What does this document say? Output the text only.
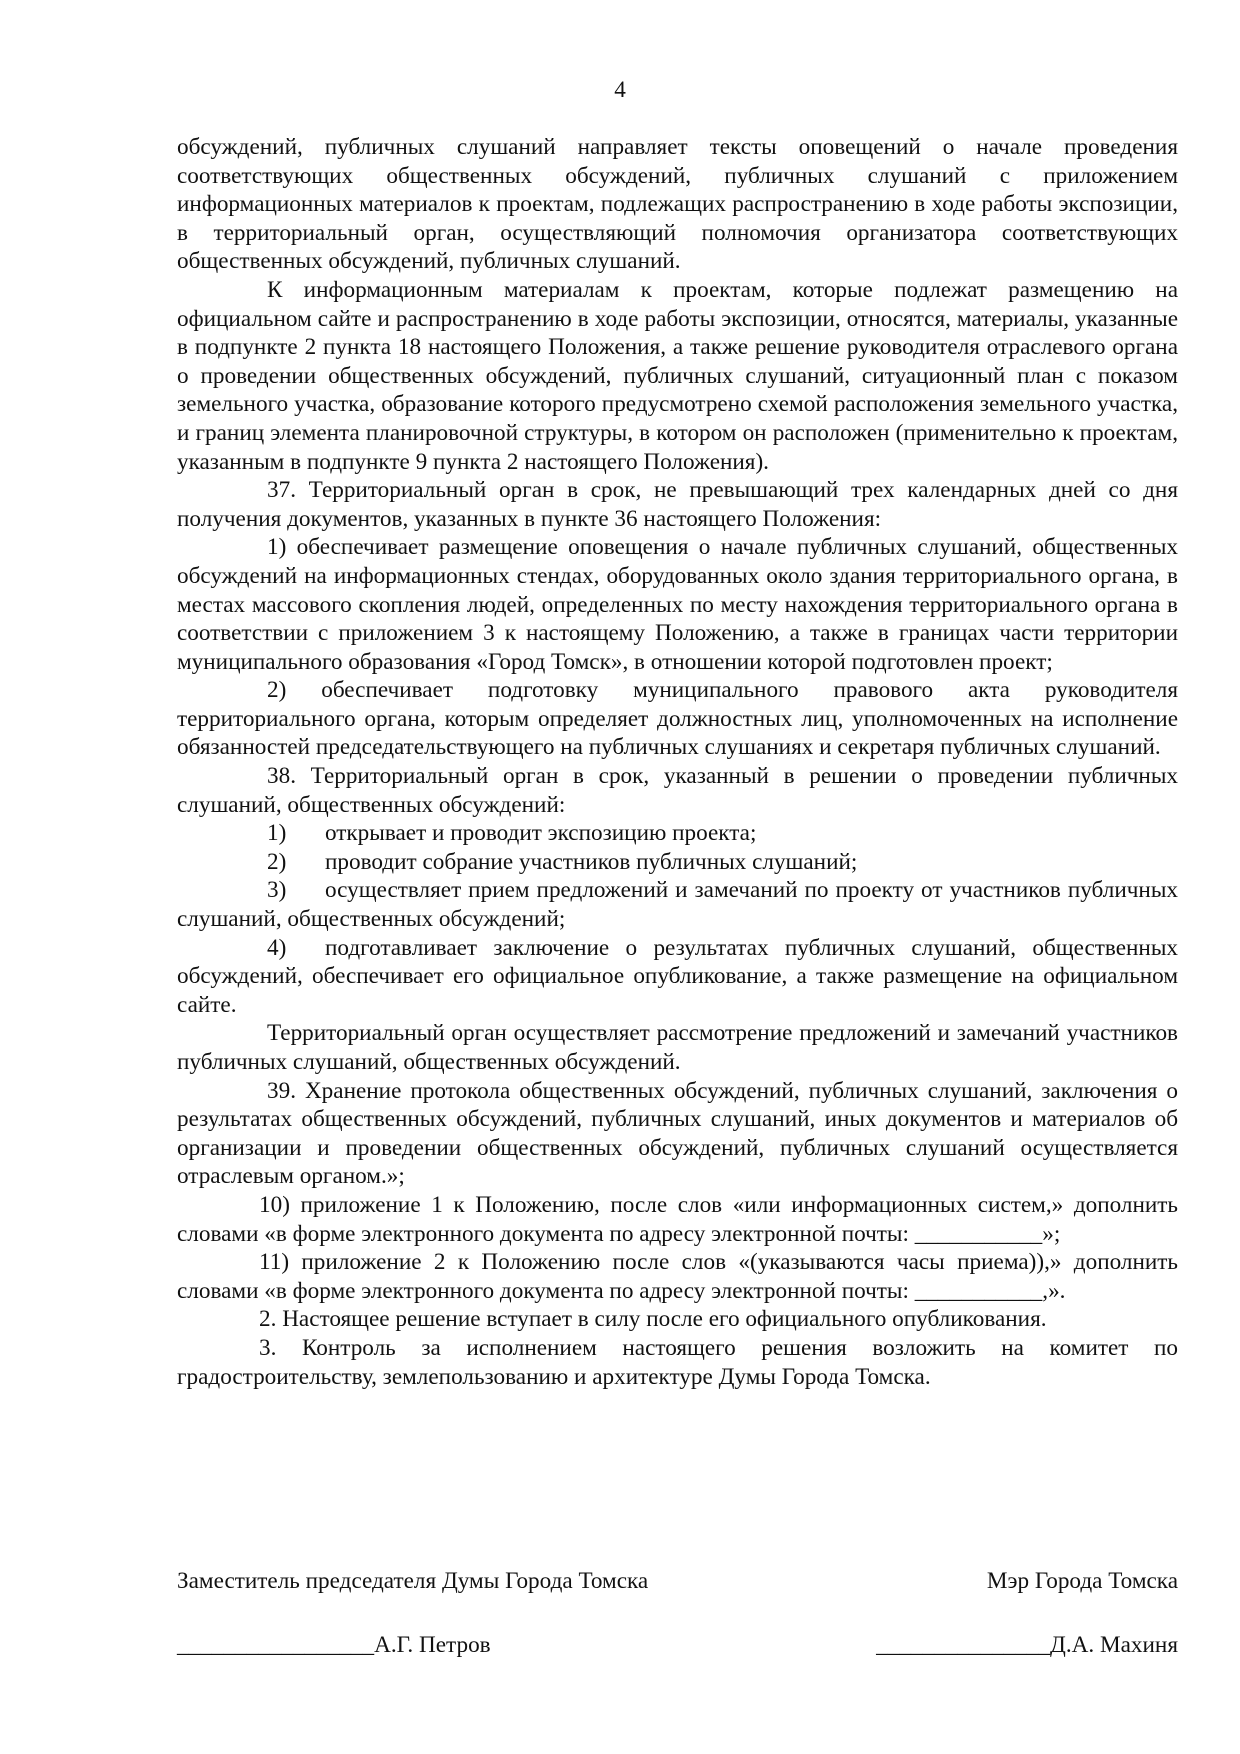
4

обсуждений, публичных слушаний направляет тексты оповещений о начале проведения соответствующих общественных обсуждений, публичных слушаний с приложением информационных материалов к проектам, подлежащих распространению в ходе работы экспозиции, в территориальный орган, осуществляющий полномочия организатора соответствующих общественных обсуждений, публичных слушаний.

К информационным материалам к проектам, которые подлежат размещению на официальном сайте и распространению в ходе работы экспозиции, относятся, материалы, указанные в подпункте 2 пункта 18 настоящего Положения, а также решение руководителя отраслевого органа о проведении общественных обсуждений, публичных слушаний, ситуационный план с показом земельного участка, образование которого предусмотрено схемой расположения земельного участка, и границ элемента планировочной структуры, в котором он расположен (применительно к проектам, указанным в подпункте 9 пункта 2 настоящего Положения).

37. Территориальный орган в срок, не превышающий трех календарных дней со дня получения документов, указанных в пункте 36 настоящего Положения:

1) обеспечивает размещение оповещения о начале публичных слушаний, общественных обсуждений на информационных стендах, оборудованных около здания территориального органа, в местах массового скопления людей, определенных по месту нахождения территориального органа в соответствии с приложением 3 к настоящему Положению, а также в границах части территории муниципального образования «Город Томск», в отношении которой подготовлен проект;

2) обеспечивает подготовку муниципального правового акта руководителя территориального органа, которым определяет должностных лиц, уполномоченных на исполнение обязанностей председательствующего на публичных слушаниях и секретаря публичных слушаний.

38. Территориальный орган в срок, указанный в решении о проведении публичных слушаний, общественных обсуждений:

1) открывает и проводит экспозицию проекта;

2) проводит собрание участников публичных слушаний;

3) осуществляет прием предложений и замечаний по проекту от участников публичных слушаний, общественных обсуждений;

4) подготавливает заключение о результатах публичных слушаний, общественных обсуждений, обеспечивает его официальное опубликование, а также размещение на официальном сайте.

Территориальный орган осуществляет рассмотрение предложений и замечаний участников публичных слушаний, общественных обсуждений.

39. Хранение протокола общественных обсуждений, публичных слушаний, заключения о результатах общественных обсуждений, публичных слушаний, иных документов и материалов об организации и проведении общественных обсуждений, публичных слушаний осуществляется отраслевым органом.»;

10) приложение 1 к Положению, после слов «или информационных систем,» дополнить словами «в форме электронного документа по адресу электронной почты: ___________»;

11) приложение 2 к Положению после слов «(указываются часы приема)),» дополнить словами «в форме электронного документа по адресу электронной почты: ___________,».

2. Настоящее решение вступает в силу после его официального опубликования.

3. Контроль за исполнением настоящего решения возложить на комитет по градостроительству, землепользованию и архитектуре Думы Города Томска.

Заместитель председателя Думы Города Томска	Мэр Города Томска
_________________А.Г. Петров	_______________Д.А. Махиня
